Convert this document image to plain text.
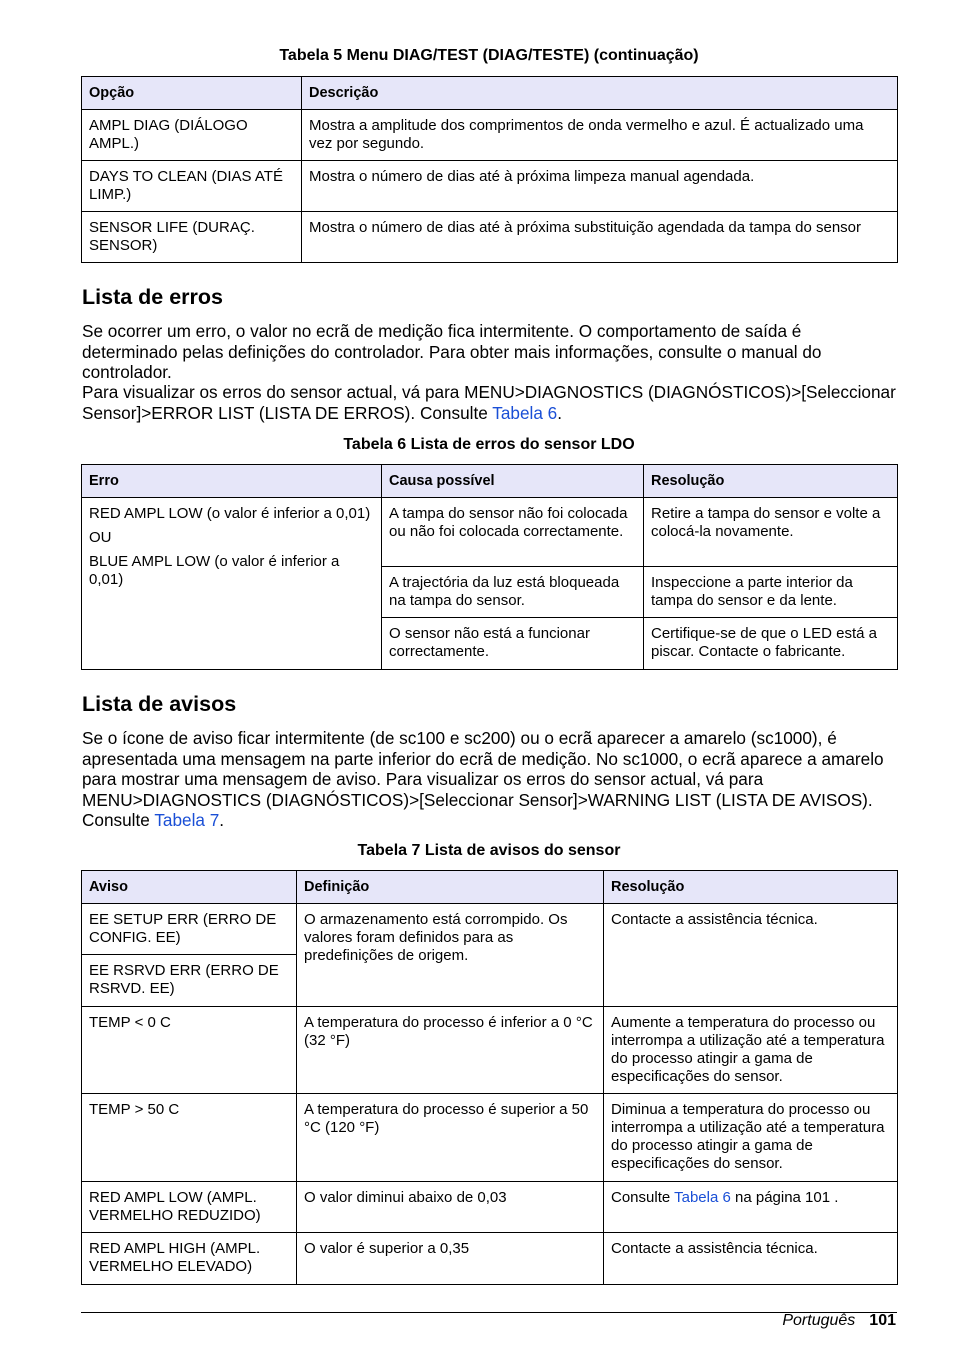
Tabela 5 Menu DIAG/TEST (DIAG/TESTE) (continuação)
Opção	Descrição
AMPL DIAG (DIÁLOGO AMPL.)	Mostra a amplitude dos comprimentos de onda vermelho e azul. É actualizado uma vez por segundo.
DAYS TO CLEAN (DIAS ATÉ LIMP.)	Mostra o número de dias até à próxima limpeza manual agendada.
SENSOR LIFE (DURAÇ. SENSOR)	Mostra o número de dias até à próxima substituição agendada da tampa do sensor
Lista de erros

Se ocorrer um erro, o valor no ecrã de medição fica intermitente. O comportamento de saída é determinado pelas definições do controlador. Para obter mais informações, consulte o manual do controlador.

Para visualizar os erros do sensor actual, vá para MENU>DIAGNOSTICS (DIAGNÓSTICOS)>[Seleccionar Sensor]>ERROR LIST (LISTA DE ERROS). Consulte Tabela 6.

Tabela 6 Lista de erros do sensor LDO
Erro	Causa possível	Resolução

RED AMPL LOW (o valor é inferior a 0,01)

OU

BLUE AMPL LOW (o valor é inferior a 0,01)	A tampa do sensor não foi colocada ou não foi colocada correctamente.	Retire a tampa do sensor e volte a colocá-la novamente.
	A trajectória da luz está bloqueada na tampa do sensor.	Inspeccione a parte interior da tampa do sensor e da lente.
	O sensor não está a funcionar correctamente.	Certifique-se de que o LED está a piscar. Contacte o fabricante.
Lista de avisos

Se o ícone de aviso ficar intermitente (de sc100 e sc200) ou o ecrã aparecer a amarelo (sc1000), é apresentada uma mensagem na parte inferior do ecrã de medição. No sc1000, o ecrã aparece a amarelo para mostrar uma mensagem de aviso. Para visualizar os erros do sensor actual, vá para MENU>DIAGNOSTICS (DIAGNÓSTICOS)>[Seleccionar Sensor]>WARNING LIST (LISTA DE AVISOS). Consulte Tabela 7.

Tabela 7 Lista de avisos do sensor
Aviso	Definição	Resolução
EE SETUP ERR (ERRO DE CONFIG. EE)	O armazenamento está corrompido. Os valores foram definidos para as predefinições de origem.	Contacte a assistência técnica.
EE RSRVD ERR (ERRO DE RSRVD. EE)		
TEMP < 0 C	A temperatura do processo é inferior a 0 °C (32 °F)	Aumente a temperatura do processo ou interrompa a utilização até a temperatura do processo atingir a gama de especificações do sensor.
TEMP > 50 C	A temperatura do processo é superior a 50 °C (120 °F)	Diminua a temperatura do processo ou interrompa a utilização até a temperatura do processo atingir a gama de especificações do sensor.
RED AMPL LOW (AMPL. VERMELHO REDUZIDO)	O valor diminui abaixo de 0,03	Consulte Tabela 6 na página 101 .
RED AMPL HIGH (AMPL. VERMELHO ELEVADO)	O valor é superior a 0,35	Contacte a assistência técnica.
Português 101
